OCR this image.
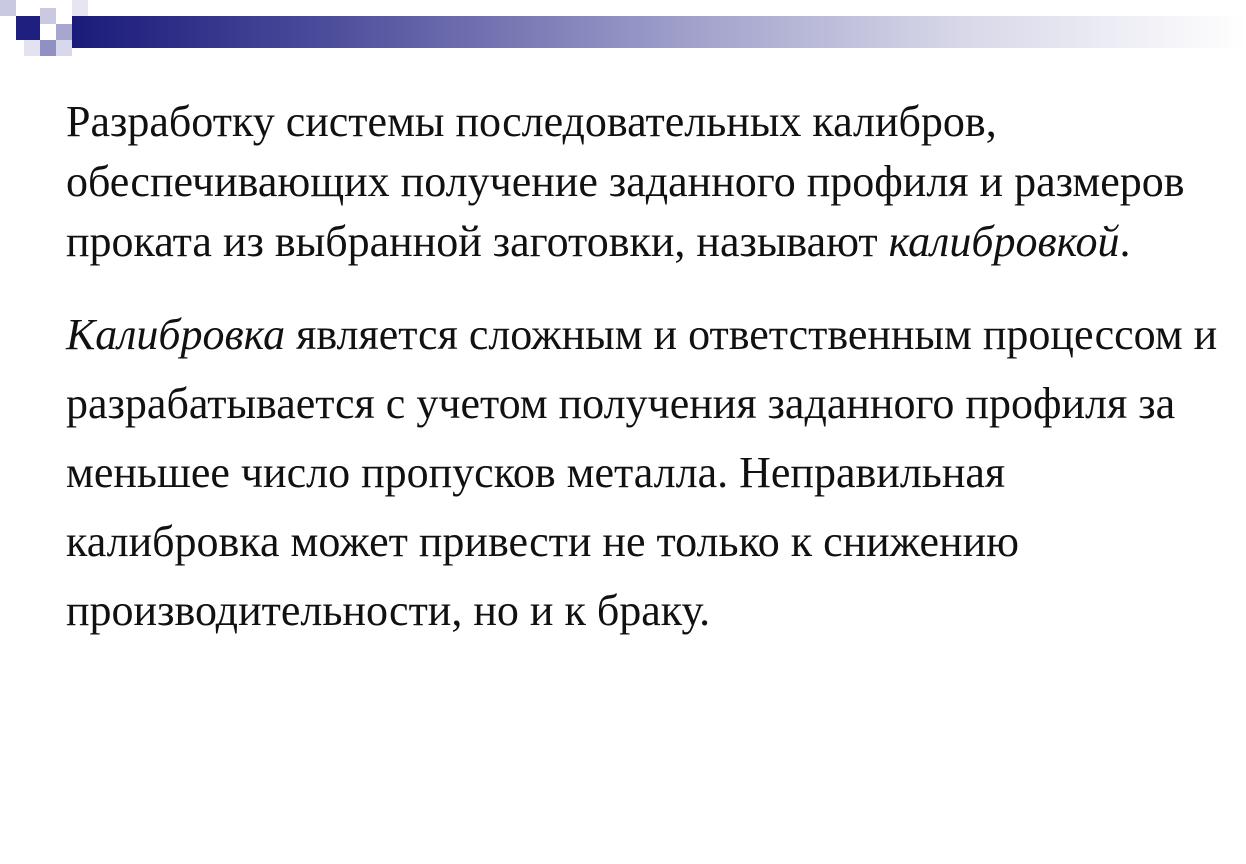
Разработку системы последовательных калибров, обеспечивающих получение заданного профиля и размеров проката из выбранной заготовки, называют калибровкой.

Калибровка является сложным и ответственным процессом и разрабатывается с учетом получения заданного профиля за меньшее число пропусков металла. Неправильная калибровка может привести не только к снижению производительности, но и к браку.
